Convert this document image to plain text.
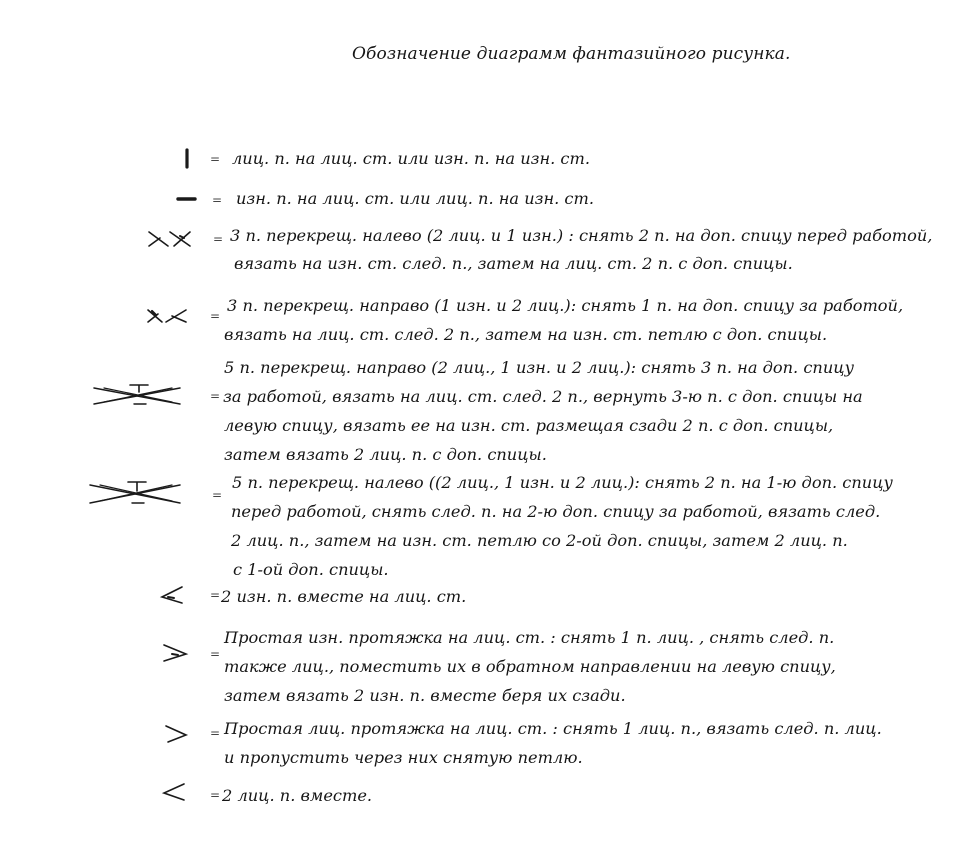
Обозначение диаграмм фантазийного рисунка.
= лиц. п. на лиц. ст. или изн. п. на изн. ст.
= изн. п. на лиц. ст. или лиц. п. на изн. ст.
= 3 п. перекрещ. налево (2 лиц. и 1 изн.) : снять 2 п. на доп. спицу перед работой,
вязать на изн. ст. след. п., затем на лиц. ст. 2 п. с доп. спицы.
=
3 п. перекрещ. направо (1 изн. и 2 лиц.): снять 1 п. на доп. спицу за работой,
вязать на лиц. ст. след. 2 п., затем на изн. ст. петлю с доп. спицы.
=
5 п. перекрещ. направо (2 лиц., 1 изн. и 2 лиц.): снять 3 п. на доп. спицу
за работой, вязать на лиц. ст. след. 2 п., вернуть 3-ю п. с доп. спицы на
левую спицу, вязать ее на изн. ст. размещая сзади 2 п. с доп. спицы,
затем вязать 2 лиц. п. с доп. спицы.
=
5 п. перекрещ. налево ((2 лиц., 1 изн. и 2 лиц.): снять 2 п. на 1-ю доп. спицу
перед работой, снять след. п. на 2-ю доп. спицу за работой, вязать след.
2 лиц. п., затем на изн. ст. петлю со 2-ой доп. спицы, затем 2 лиц. п.
с 1-ой доп. спицы.
= 2 изн. п. вместе на лиц. ст.
=
Простая изн. протяжка на лиц. ст. : снять 1 п. лиц. , снять след. п.
также лиц., поместить их в обратном направлении на левую спицу,
затем вязать 2 изн. п. вместе беря их сзади.
= Простая лиц. протяжка на лиц. ст. : снять 1 лиц. п., вязать след. п. лиц.
и пропустить через них снятую петлю.
= 2 лиц. п. вместе.
